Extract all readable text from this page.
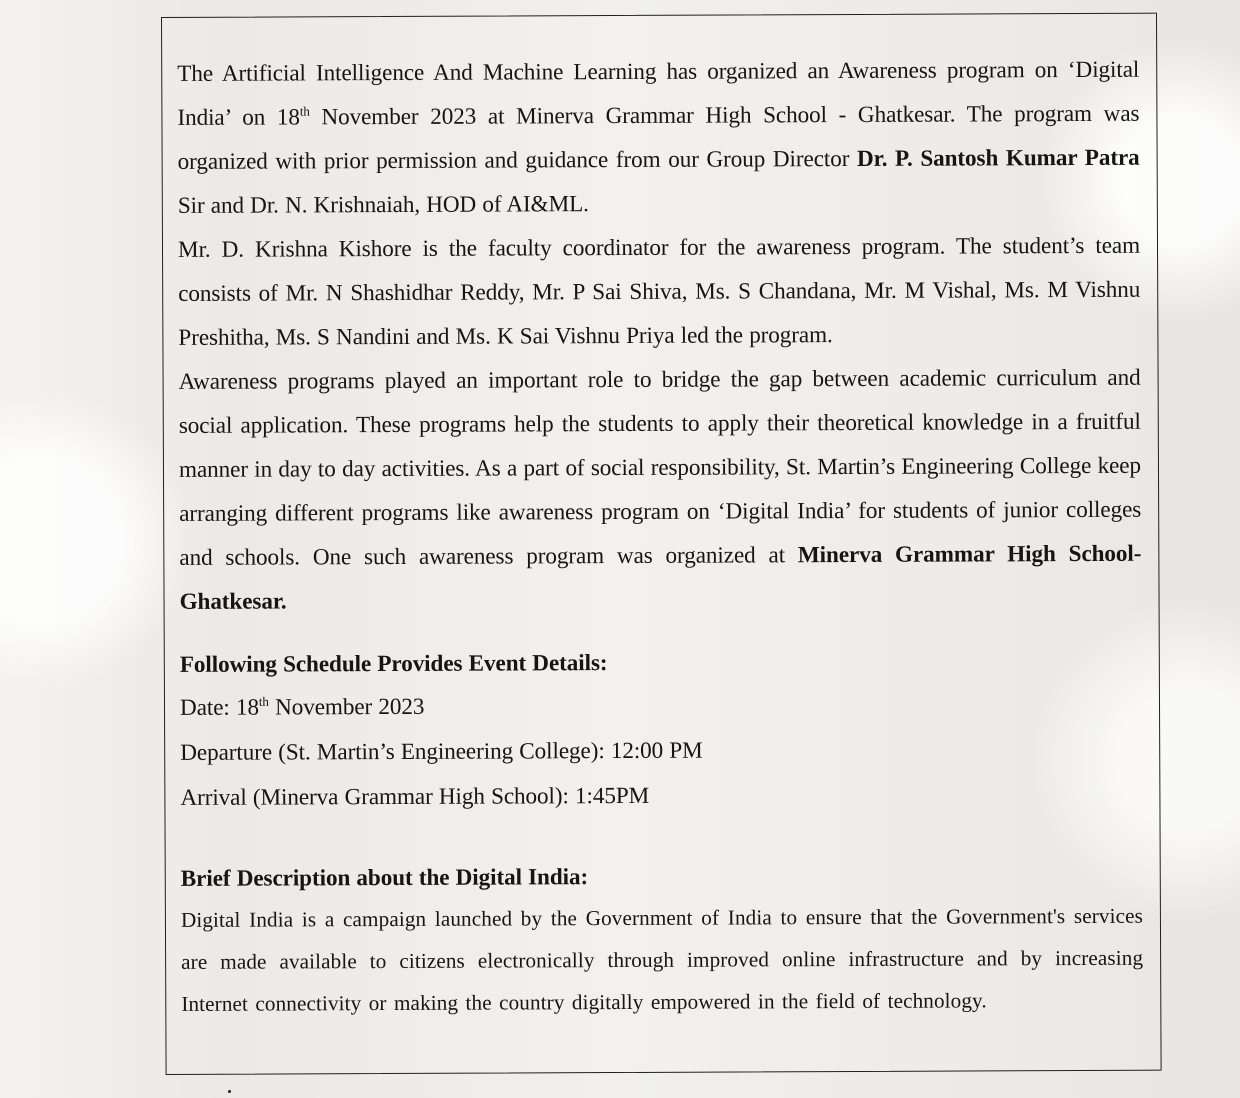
The Artificial Intelligence And Machine Learning has organized an Awareness program on ‘Digital India’ on 18th November 2023 at Minerva Grammar High School - Ghatkesar. The program was organized with prior permission and guidance from our Group Director Dr. P. Santosh Kumar Patra Sir and Dr. N. Krishnaiah, HOD of AI&ML.

Mr. D. Krishna Kishore is the faculty coordinator for the awareness program. The student’s team consists of Mr. N Shashidhar Reddy, Mr. P Sai Shiva, Ms. S Chandana, Mr. M Vishal, Ms. M Vishnu Preshitha, Ms. S Nandini and Ms. K Sai Vishnu Priya led the program.

Awareness programs played an important role to bridge the gap between academic curriculum and social application. These programs help the students to apply their theoretical knowledge in a fruitful manner in day to day activities. As a part of social responsibility, St. Martin’s Engineering College keep arranging different programs like awareness program on ‘Digital India’ for students of junior colleges and schools. One such awareness program was organized at Minerva Grammar High School-Ghatkesar.

Following Schedule Provides Event Details:

Date: 18th November 2023

Departure (St. Martin’s Engineering College): 12:00 PM

Arrival (Minerva Grammar High School): 1:45PM

Brief Description about the Digital India:

Digital India is a campaign launched by the Government of India to ensure that the Government's services are made available to citizens electronically through improved online infrastructure and by increasing Internet connectivity or making the country digitally empowered in the field of technology.
